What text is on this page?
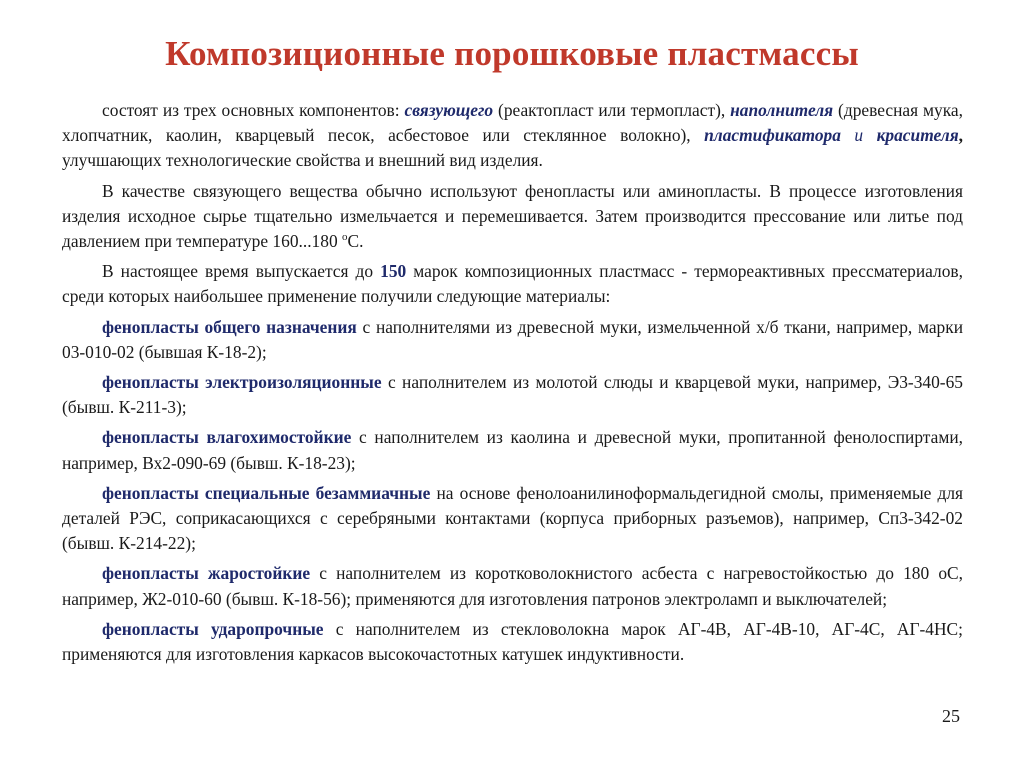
Композиционные порошковые пластмассы

состоят из трех основных компонентов: связующего (реактопласт или термопласт), наполнителя (древесная мука, хлопчатник, каолин, кварцевый песок, асбестовое или стеклянное волокно), пластификатора и красителя, улучшающих технологические свойства и внешний вид изделия.

В качестве связующего вещества обычно используют фенопласты или аминопласты. В процессе изготовления изделия исходное сырье тщательно измельчается и перемешивается. Затем производится прессование или литье под давлением при температуре 160...180 $^о$С.

В настоящее время выпускается до 150 марок композиционных пластмасс - термореактивных прессматериалов, среди которых наибольшее применение получили следующие материалы:

фенопласты общего назначения с наполнителями из древесной муки, измельченной х/б ткани, например, марки 03-010-02 (бывшая К-18-2);

фенопласты электроизоляционные с наполнителем из молотой слюды и кварцевой муки, например, Э3-340-65 (бывш. К-211-3);

фенопласты влагохимостойкие с наполнителем из каолина и древесной муки, пропитанной фенолоспиртами, например, Вх2-090-69 (бывш. К-18-23);

фенопласты специальные безаммиачные на основе фенолоанилиноформальдегидной смолы, применяемые для деталей РЭС, соприкасающихся с серебряными контактами (корпуса приборных разъемов), например, Сп3-342-02 (бывш. К-214-22);

фенопласты жаростойкие с наполнителем из коротковолокнистого асбеста с нагревостойкостью до 180 оС, например, Ж2-010-60 (бывш. К-18-56); применяются для изготовления патронов электроламп и выключателей;

фенопласты ударопрочные с наполнителем из стекловолокна марок АГ-4В, АГ-4В-10, АГ-4С, АГ-4НС; применяются для изготовления каркасов высокочастотных катушек индуктивности.

25
